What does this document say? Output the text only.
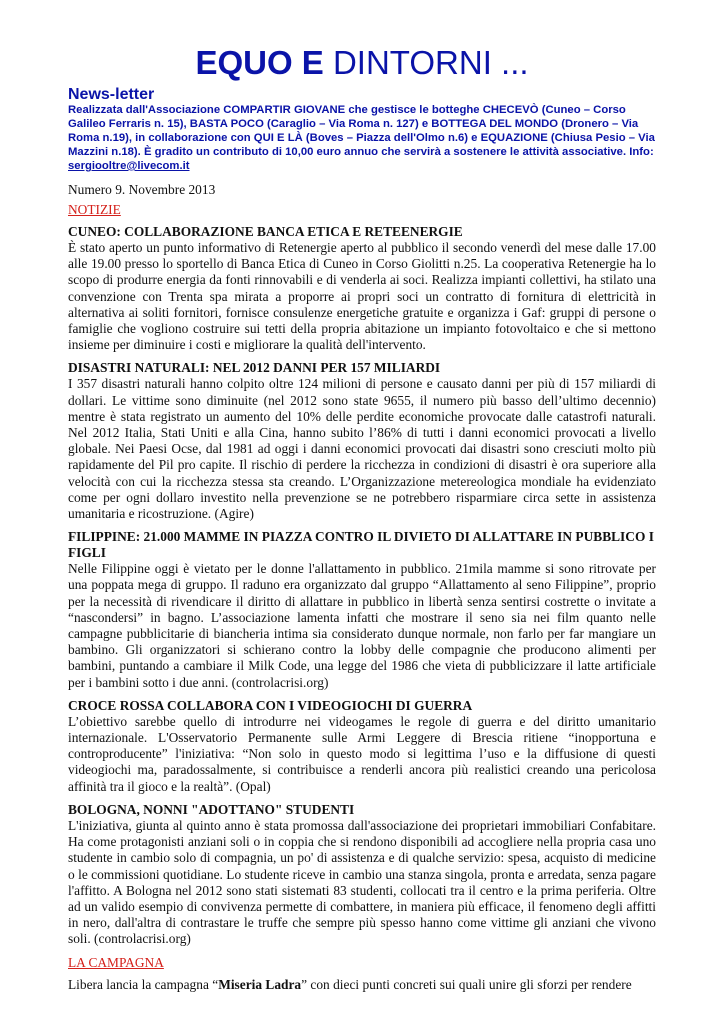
EQUO E DINTORNI ...
News-letter

Realizzata dall'Associazione COMPARTIR GIOVANE che gestisce le botteghe CHECEVÒ (Cuneo – Corso Galileo Ferraris n. 15), BASTA POCO (Caraglio – Via Roma n. 127) e BOTTEGA DEL MONDO (Dronero – Via Roma n.19), in collaborazione con QUI E LÀ (Boves – Piazza dell'Olmo n.6) e EQUAZIONE (Chiusa Pesio – Via Mazzini n.18). È gradito un contributo di 10,00 euro annuo che servirà a sostenere le attività associative. Info: sergiooltre@livecom.it

Numero 9. Novembre 2013

NOTIZIE

CUNEO: COLLABORAZIONE BANCA ETICA E RETEENERGIE

È stato aperto un punto informativo di Retenergie aperto al pubblico il secondo venerdì del mese dalle 17.00 alle 19.00 presso lo sportello di Banca Etica di Cuneo in Corso Giolitti n.25. La cooperativa Retenergie ha lo scopo di produrre energia da fonti rinnovabili e di venderla ai soci. Realizza impianti collettivi, ha stilato una convenzione con Trenta spa mirata a proporre ai propri soci un contratto di fornitura di elettricità in alternativa ai soliti fornitori, fornisce consulenze energetiche gratuite e organizza i Gaf: gruppi di persone o famiglie che vogliono costruire sui tetti della propria abitazione un impianto fotovoltaico e che si mettono insieme per diminuire i costi e migliorare la qualità dell'intervento.

DISASTRI NATURALI: NEL 2012 DANNI PER 157 MILIARDI

I 357 disastri naturali hanno colpito oltre 124 milioni di persone e causato danni per più di 157 miliardi di dollari. Le vittime sono diminuite (nel 2012 sono state 9655, il numero più basso dell’ultimo decennio) mentre è stata registrato un aumento del 10% delle perdite economiche provocate dalle catastrofi naturali. Nel 2012 Italia, Stati Uniti e alla Cina, hanno subito l’86% di tutti i danni economici provocati a livello globale. Nei Paesi Ocse, dal 1981 ad oggi i danni economici provocati dai disastri sono cresciuti molto più rapidamente del Pil pro capite. Il rischio di perdere la ricchezza in condizioni di disastri è ora superiore alla velocità con cui la ricchezza stessa sta creando. L’Organizzazione metereologica mondiale ha evidenziato come per ogni dollaro investito nella prevenzione se ne potrebbero risparmiare circa sette in assistenza umanitaria e ricostruzione. (Agire)

FILIPPINE: 21.000 MAMME IN PIAZZA CONTRO IL DIVIETO DI ALLATTARE IN PUBBLICO I FIGLI

Nelle Filippine oggi è vietato per le donne l'allattamento in pubblico. 21mila mamme si sono ritrovate per una poppata mega di gruppo. Il raduno era organizzato dal gruppo “Allattamento al seno Filippine”, proprio per la necessità di rivendicare il diritto di allattare in pubblico in libertà senza sentirsi costrette o invitate a “nascondersi” in bagno. L’associazione lamenta infatti che mostrare il seno sia nei film quanto nelle campagne pubblicitarie di biancheria intima sia considerato dunque normale, non farlo per far mangiare un bambino. Gli organizzatori si schierano contro la lobby delle compagnie che producono alimenti per bambini, puntando a cambiare il Milk Code, una legge del 1986 che vieta di pubblicizzare il latte artificiale per i bambini sotto i due anni. (controlacrisi.org)

CROCE ROSSA COLLABORA CON I VIDEOGIOCHI DI GUERRA

L’obiettivo sarebbe quello di introdurre nei videogames le regole di guerra e del diritto umanitario internazionale. L'Osservatorio Permanente sulle Armi Leggere di Brescia ritiene “inopportuna e controproducente” l'iniziativa: “Non solo in questo modo si legittima l’uso e la diffusione di questi videogiochi ma, paradossalmente, si contribuisce a renderli ancora più realistici creando una pericolosa affinità tra il gioco e la realtà”. (Opal)

BOLOGNA, NONNI "ADOTTANO" STUDENTI

L'iniziativa, giunta al quinto anno è stata promossa dall'associazione dei proprietari immobiliari Confabitare. Ha come protagonisti anziani soli o in coppia che si rendono disponibili ad accogliere nella propria casa uno studente in cambio solo di compagnia, un po' di assistenza e di qualche servizio: spesa, acquisto di medicine o le commissioni quotidiane. Lo studente riceve in cambio una stanza singola, pronta e arredata, senza pagare l'affitto. A Bologna nel 2012 sono stati sistemati 83 studenti, collocati tra il centro e la prima periferia. Oltre ad un valido esempio di convivenza permette di combattere, in maniera più efficace, il fenomeno degli affitti in nero, dall'altra di contrastare le truffe che sempre più spesso hanno come vittime gli anziani che vivono soli. (controlacrisi.org)

LA CAMPAGNA

Libera lancia la campagna “Miseria Ladra” con dieci punti concreti sui quali unire gli sforzi per rendere
